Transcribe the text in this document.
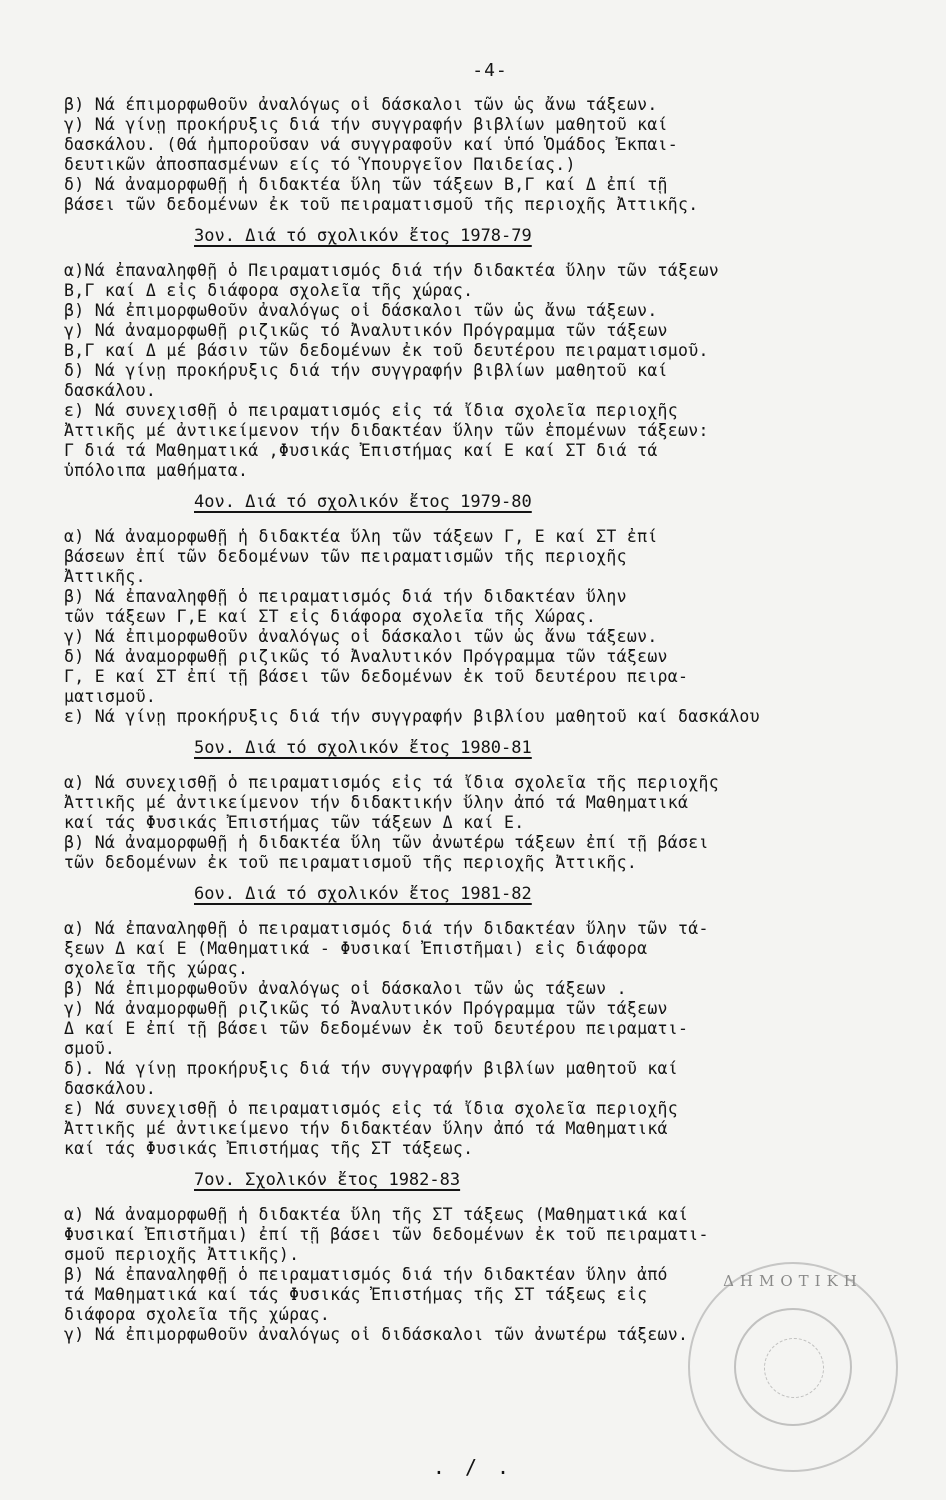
-4-
β) Νά έπιμορφωθοῦν ἀναλόγως οἱ δάσκαλοι τῶν ὡς ἄνω τάξεων.
γ) Νά γίνῃ προκήρυξις διά τήν συγγραφήν βιβλίων μαθητοῦ καί
δασκάλου. (Θά ἠμποροῦσαν νά συγγραφοῦν καί ὑπό Ὁμάδος Ἐκπαι-
δευτικῶν ἀποσπασμένων είς τό Ὑπουργεῖον Παιδείας.)
δ) Νά ἀναμορφωθῇ ἡ διδακτέα ὕλη τῶν τάξεων Β,Γ καί Δ ἐπί τῇ
βάσει τῶν δεδομένων ἐκ τοῦ πειραματισμοῦ τῆς περιοχῆς Ἀττικῆς.
3ον. Διά τό σχολικόν ἔτος 1978-79
α)Νά ἐπαναληφθῇ ὁ Πειραματισμός διά τήν διδακτέα ὕλην τῶν τάξεων
Β,Γ καί Δ εἰς διάφορα σχολεῖα τῆς χώρας.
β) Νά ἐπιμορφωθοῦν ἀναλόγως οἱ δάσκαλοι τῶν ὡς ἄνω τάξεων.
γ) Νά ἀναμορφωθῇ ριζικῶς τό Ἀναλυτικόν Πρόγραμμα τῶν τάξεων
Β,Γ καί Δ μέ βάσιν τῶν δεδομένων ἐκ τοῦ δευτέρου πειραματισμοῦ.
δ) Νά γίνῃ προκήρυξις διά τήν συγγραφήν βιβλίων μαθητοῦ καί
δασκάλου.
ε) Νά συνεχισθῇ ὁ πειραματισμός εἰς τά ἴδια σχολεῖα περιοχῆς
Ἀττικῆς μέ ἀντικείμενον τήν διδακτέαν ὕλην τῶν ἑπομένων τάξεων:
Γ διά τά Μαθηματικά ,Φυσικάς Ἐπιστήμας καί Ε καί ΣΤ διά τά
ὑπόλοιπα μαθήματα.
4ον. Διά τό σχολικόν ἔτος 1979-80
α) Νά ἀναμορφωθῇ ἡ διδακτέα ὕλη τῶν τάξεων Γ, Ε καί ΣΤ ἐπί
βάσεων ἐπί τῶν δεδομένων τῶν πειραματισμῶν τῆς περιοχῆς
Ἀττικῆς.
β) Νά ἐπαναληφθῇ ὁ πειραματισμός διά τήν διδακτέαν ὕλην
τῶν τάξεων Γ,Ε καί ΣΤ εἰς διάφορα σχολεῖα τῆς Χώρας.
γ) Νά ἐπιμορφωθοῦν ἀναλόγως οἱ δάσκαλοι τῶν ὡς ἄνω τάξεων.
δ) Νά ἀναμορφωθῇ ριζικῶς τό Ἀναλυτικόν Πρόγραμμα τῶν τάξεων
Γ, Ε καί ΣΤ ἐπί τῇ βάσει τῶν δεδομένων ἐκ τοῦ δευτέρου πειρα-
ματισμοῦ.
ε) Νά γίνῃ προκήρυξις διά τήν συγγραφήν βιβλίου μαθητοῦ καί δασκάλου
5ον. Διά τό σχολικόν ἔτος 1980-81
α) Νά συνεχισθῇ ὁ πειραματισμός εἰς τά ἴδια σχολεῖα τῆς περιοχῆς
Ἀττικῆς μέ ἀντικείμενον τήν διδακτικήν ὕλην ἀπό τά Μαθηματικά
καί τάς Φυσικάς Ἐπιστήμας τῶν τάξεων Δ καί Ε.
β) Νά ἀναμορφωθῇ ἡ διδακτέα ὕλη τῶν ἀνωτέρω τάξεων ἐπί τῇ βάσει
τῶν δεδομένων ἐκ τοῦ πειραματισμοῦ τῆς περιοχῆς Ἀττικῆς.
6ον. Διά τό σχολικόν ἔτος 1981-82
α) Νά ἐπαναληφθῇ ὁ πειραματισμός διά τήν διδακτέαν ὕλην τῶν τά-
ξεων Δ καί Ε (Μαθηματικά - Φυσικαί Ἐπιστῆμαι) εἰς διάφορα
σχολεῖα τῆς χώρας.
β) Νά ἐπιμορφωθοῦν ἀναλόγως οἱ δάσκαλοι τῶν ὡς τάξεων .
γ) Νά ἀναμορφωθῇ ριζικῶς τό Ἀναλυτικόν Πρόγραμμα τῶν τάξεων
Δ καί Ε ἐπί τῇ βάσει τῶν δεδομένων ἐκ τοῦ δευτέρου πειραματι-
σμοῦ.
δ). Νά γίνῃ προκήρυξις διά τήν συγγραφήν βιβλίων μαθητοῦ καί
δασκάλου.
ε) Νά συνεχισθῇ ὁ πειραματισμός εἰς τά ἴδια σχολεῖα περιοχῆς
Ἀττικῆς μέ ἀντικείμενο τήν διδακτέαν ὕλην ἀπό τά Μαθηματικά
καί τάς Φυσικάς Ἐπιστήμας τῆς ΣΤ τάξεως.
7ον. Σχολικόν ἔτος 1982-83
α) Νά ἀναμορφωθῇ ἡ διδακτέα ὕλη τῆς ΣΤ τάξεως (Μαθηματικά καί
Φυσικαί Ἐπιστῆμαι) ἐπί τῇ βάσει τῶν δεδομένων ἐκ τοῦ πειραματι-
σμοῦ περιοχῆς Ἀττικῆς).
β) Νά ἐπαναληφθῇ ὁ πειραματισμός διά τήν διδακτέαν ὕλην ἀπό
τά Μαθηματικά καί τάς Φυσικάς Ἐπιστήμας τῆς ΣΤ τάξεως εἰς
διάφορα σχολεῖα τῆς χώρας.
γ) Νά ἐπιμορφωθοῦν ἀναλόγως οἱ διδάσκαλοι τῶν ἀνωτέρω τάξεων.
ΔΗΜΟΤΙΚΗ
. / .
